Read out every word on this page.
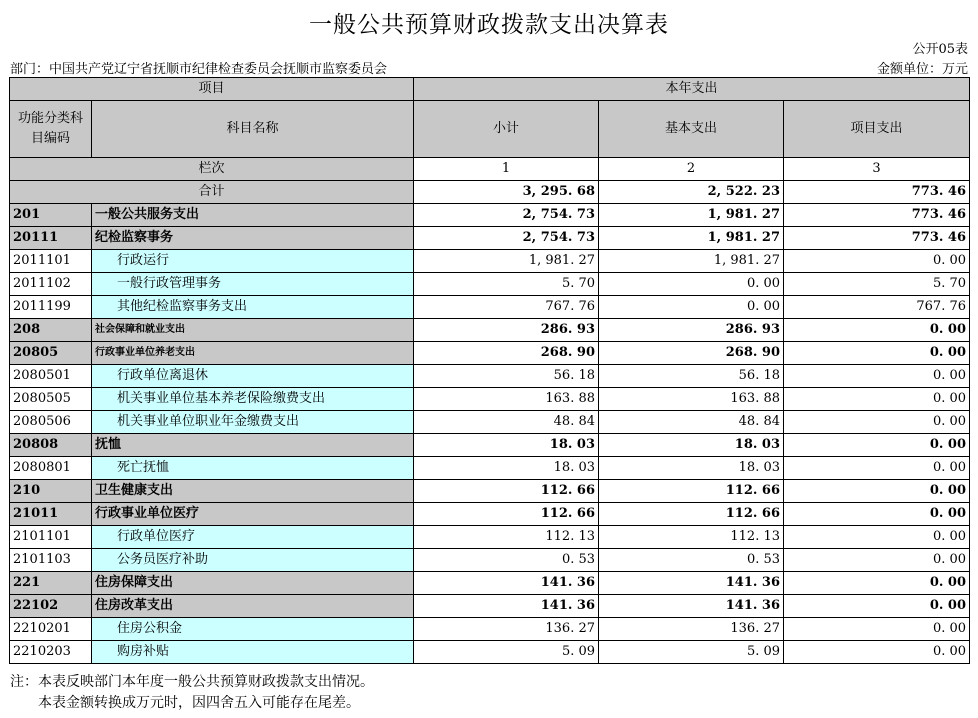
一般公共预算财政拨款支出决算表
公开05表
部门：中国共产党辽宁省抚顺市纪律检查委员会抚顺市监察委员会	金额单位：万元
项目		本年支出		
功能分类科目编码	科目名称	小计	基本支出	项目支出
栏次		1	2	3
合计		3, 295. 68	2, 522. 23	773. 46
201	一般公共服务支出	2, 754. 73	1, 981. 27	773. 46
20111	纪检监察事务	2, 754. 73	1, 981. 27	773. 46
2011101	行政运行	1, 981. 27	1, 981. 27	0. 00
2011102	一般行政管理事务	5. 70	0. 00	5. 70
2011199	其他纪检监察事务支出	767. 76	0. 00	767. 76
208	社会保障和就业支出	286. 93	286. 93	0. 00
20805	行政事业单位养老支出	268. 90	268. 90	0. 00
2080501	行政单位离退休	56. 18	56. 18	0. 00
2080505	机关事业单位基本养老保险缴费支出	163. 88	163. 88	0. 00
2080506	机关事业单位职业年金缴费支出	48. 84	48. 84	0. 00
20808	抚恤	18. 03	18. 03	0. 00
2080801	死亡抚恤	18. 03	18. 03	0. 00
210	卫生健康支出	112. 66	112. 66	0. 00
21011	行政事业单位医疗	112. 66	112. 66	0. 00
2101101	行政单位医疗	112. 13	112. 13	0. 00
2101103	公务员医疗补助	0. 53	0. 53	0. 00
221	住房保障支出	141. 36	141. 36	0. 00
22102	住房改革支出	141. 36	141. 36	0. 00
2210201	住房公积金	136. 27	136. 27	0. 00
2210203	购房补贴	5. 09	5. 09	0. 00
注：本表反映部门本年度一般公共预算财政拨款支出情况。
本表金额转换成万元时，因四舍五入可能存在尾差。
